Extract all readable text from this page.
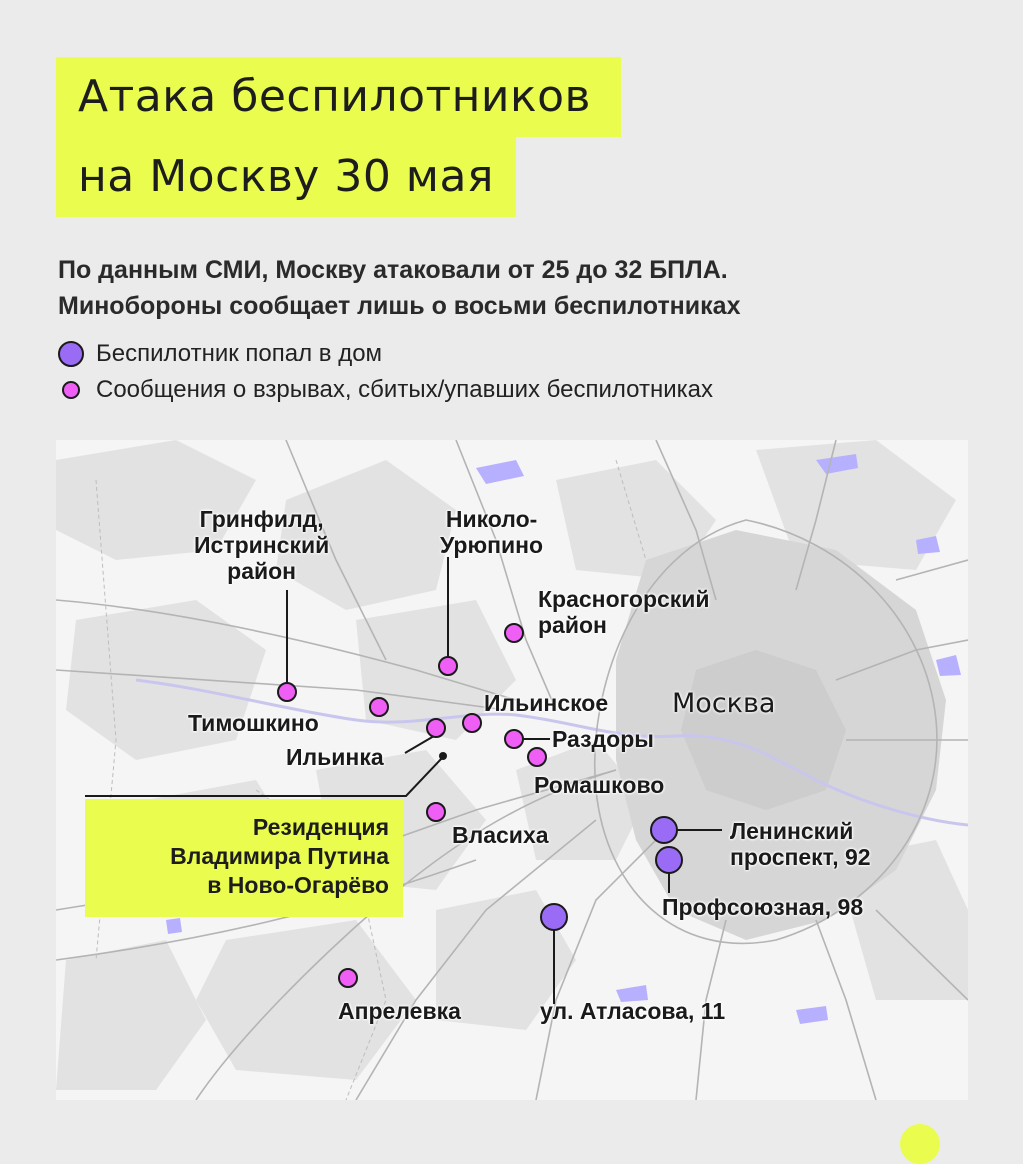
Атака беспилотников
на Москву 30 мая

По данным СМИ, Москву атаковали от 25 до 32 БПЛА.
Минобороны сообщает лишь о восьми беспилотниках

Беспилотник попал в дом
Сообщения о взрывах, сбитых/упавших беспилотниках
Москва
Гринфилд,
Истринский
район
Николо-
Урюпино
Красногорский
район
Тимошкино
Ильинка
Ильинское
Раздоры
Ромашково
Власиха	Ленинский
проспект, 92
Профсоюзная, 98
ул. Атласова, 11
Апрелевка
Резиденция
Владимира Путина
в Ново-Огарёво
